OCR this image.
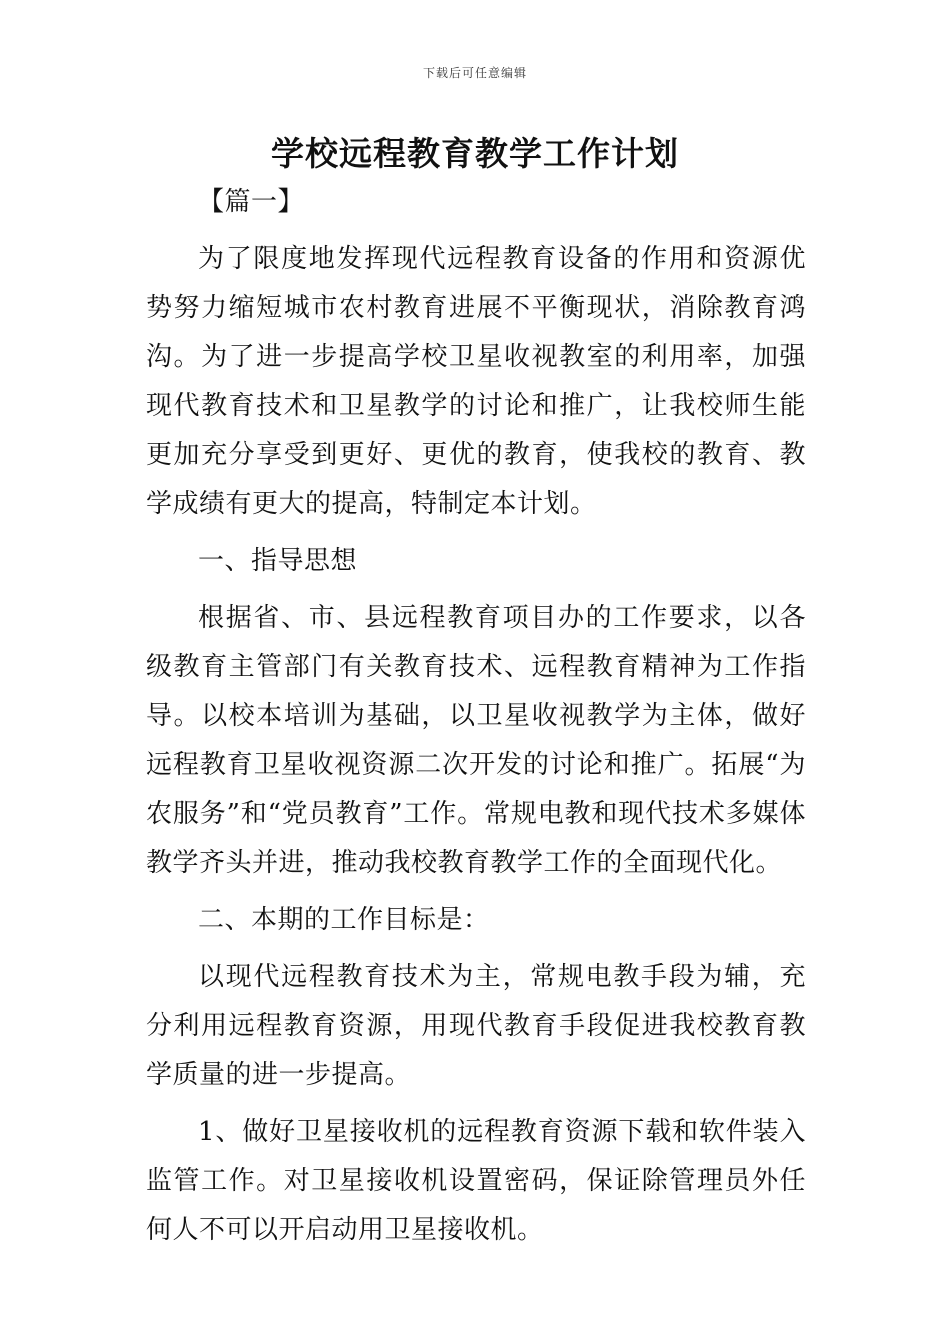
下载后可任意编辑
学校远程教育教学工作计划

【篇一】

为了限度地发挥现代远程教育设备的作用和资源优势努力缩短城市农村教育进展不平衡现状，消除教育鸿沟。为了进一步提高学校卫星收视教室的利用率，加强现代教育技术和卫星教学的讨论和推广，让我校师生能更加充分享受到更好、更优的教育，使我校的教育、教学成绩有更大的提高，特制定本计划。

一、指导思想

根据省、市、县远程教育项目办的工作要求，以各级教育主管部门有关教育技术、远程教育精神为工作指导。以校本培训为基础，以卫星收视教学为主体，做好远程教育卫星收视资源二次开发的讨论和推广。拓展“为农服务”和“党员教育”工作。常规电教和现代技术多媒体教学齐头并进，推动我校教育教学工作的全面现代化。

二、本期的工作目标是：

以现代远程教育技术为主，常规电教手段为辅，充分利用远程教育资源，用现代教育手段促进我校教育教学质量的进一步提高。

1、做好卫星接收机的远程教育资源下载和软件装入监管工作。对卫星接收机设置密码，保证除管理员外任何人不可以开启动用卫星接收机。
